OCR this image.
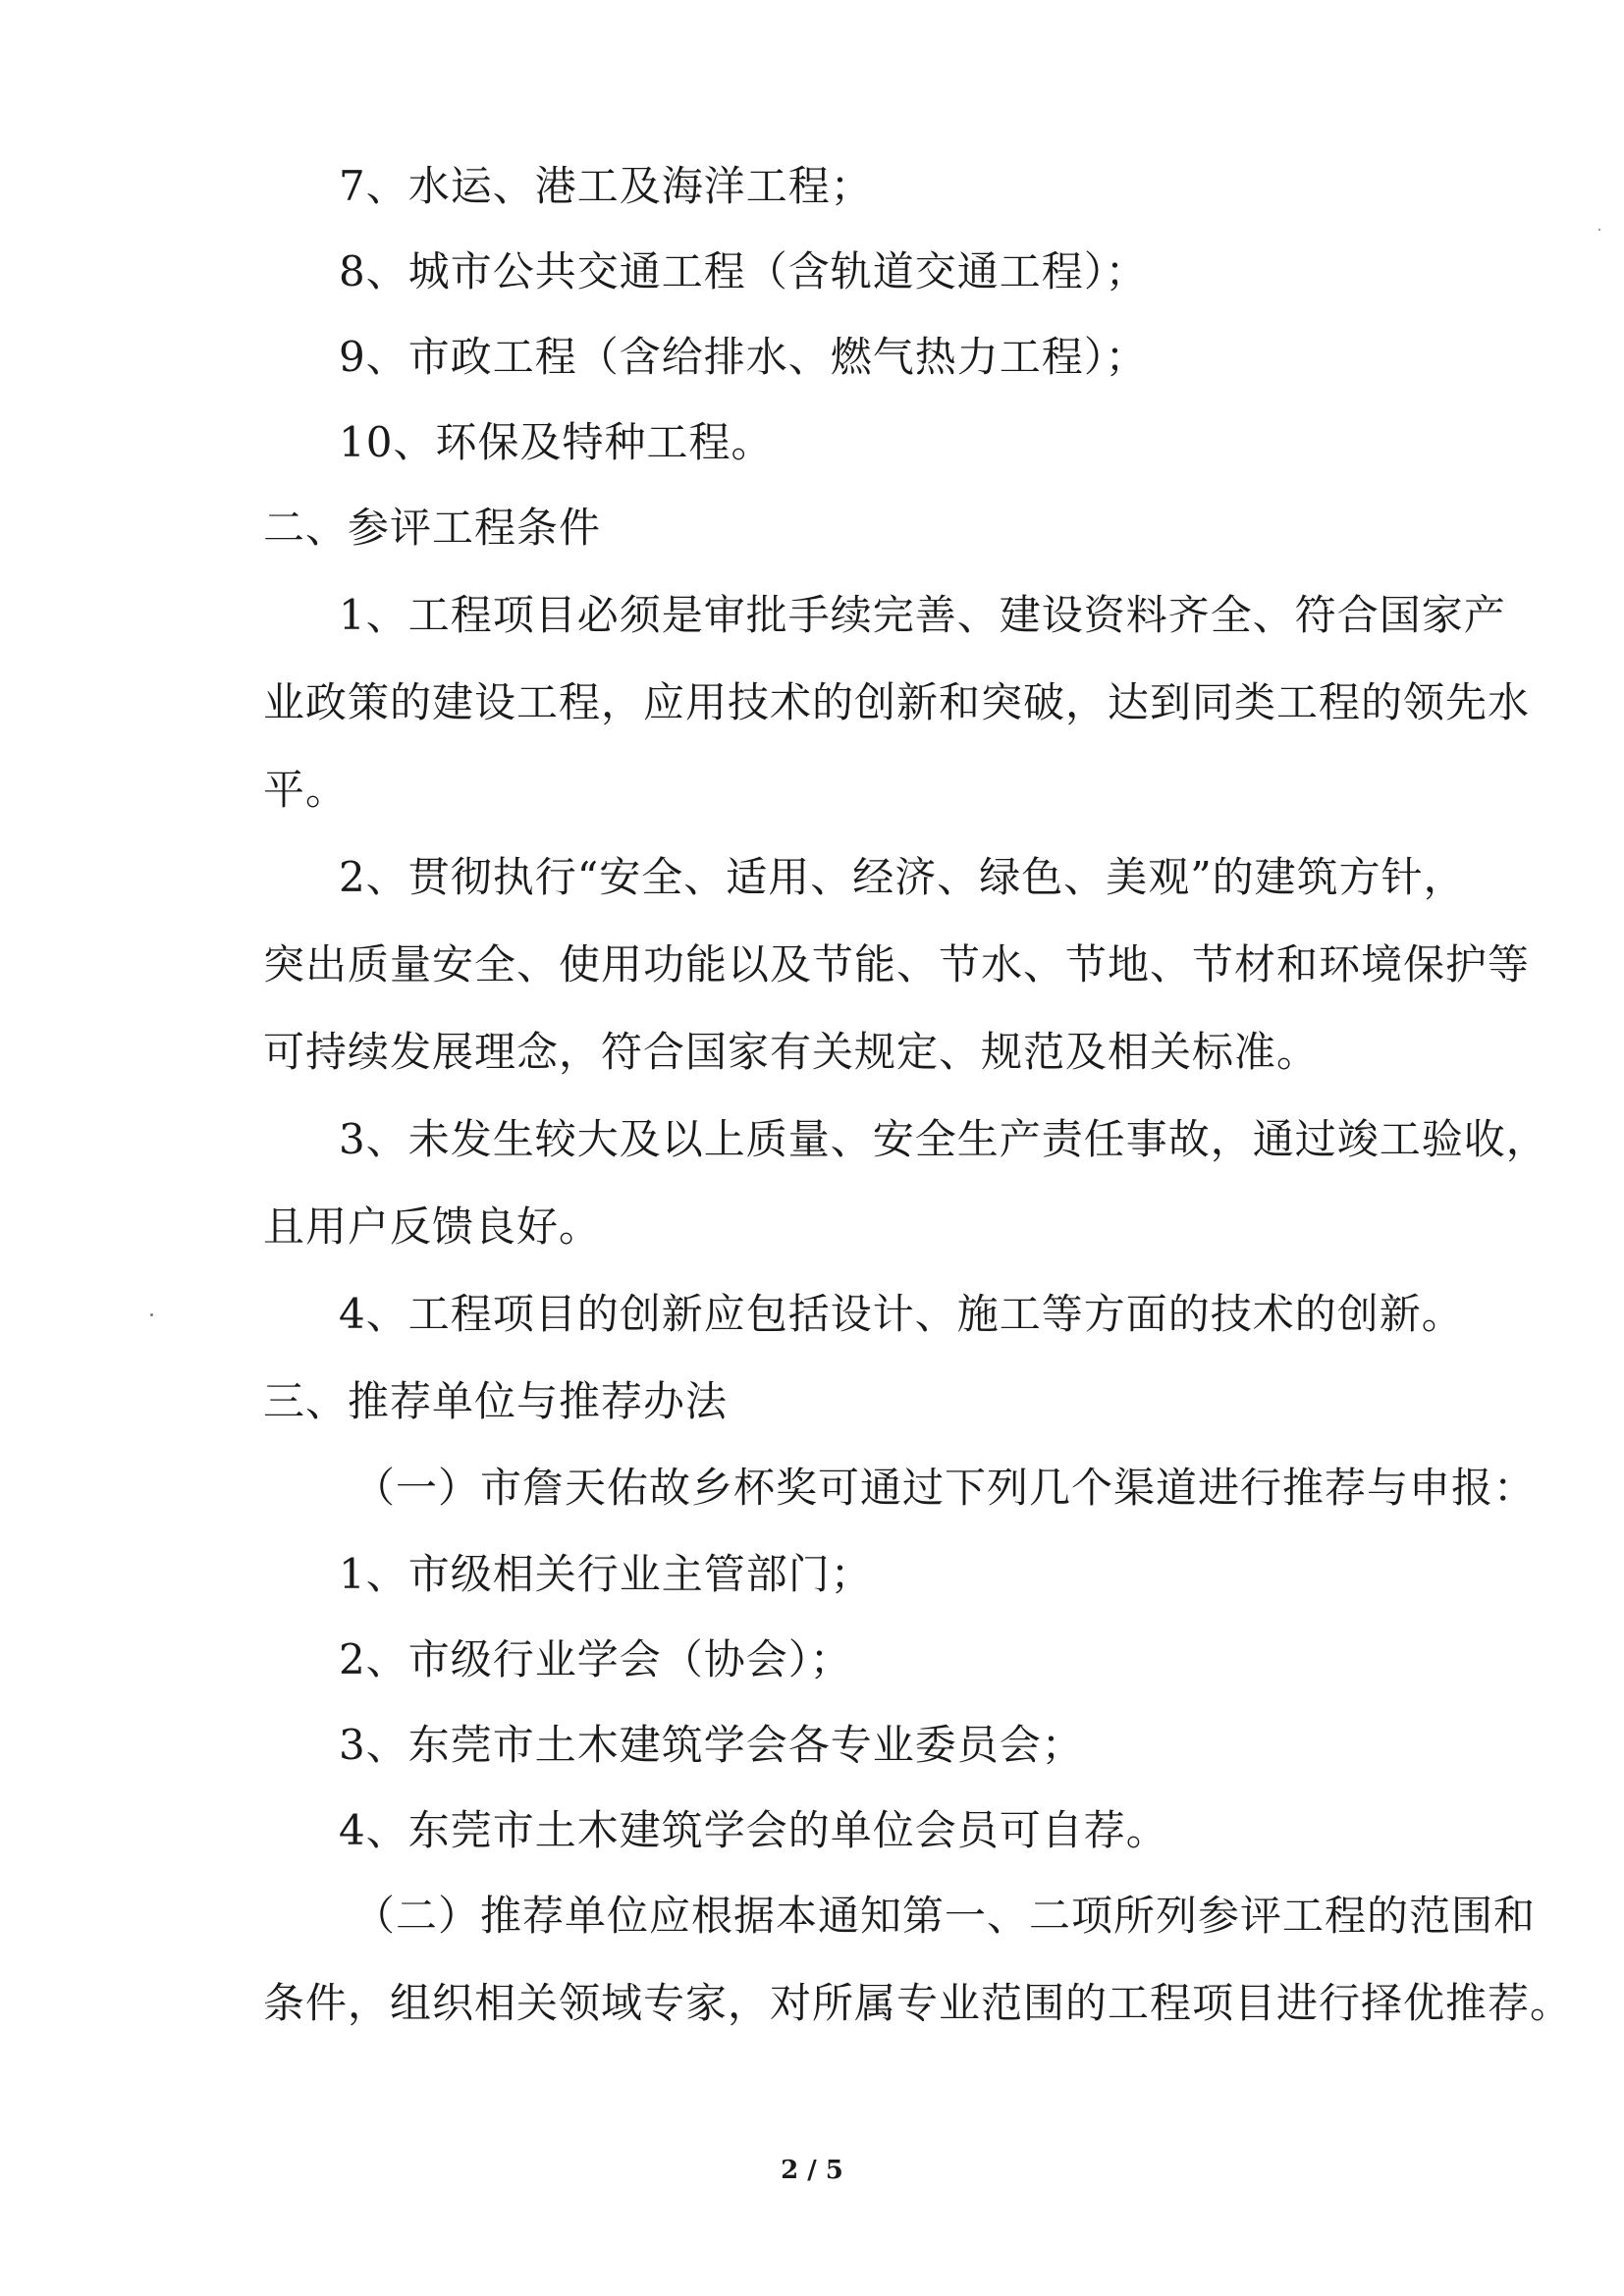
7、水运、港工及海洋工程；
8、城市公共交通工程（含轨道交通工程）；
9、市政工程（含给排水、燃气热力工程）；
10、环保及特种工程。
二、参评工程条件
1、工程项目必须是审批手续完善、建设资料齐全、符合国家产
业政策的建设工程，应用技术的创新和突破，达到同类工程的领先水
平。
2、贯彻执行“安全、适用、经济、绿色、美观”的建筑方针，
突出质量安全、使用功能以及节能、节水、节地、节材和环境保护等
可持续发展理念，符合国家有关规定、规范及相关标准。
3、未发生较大及以上质量、安全生产责任事故，通过竣工验收，
且用户反馈良好。
4、工程项目的创新应包括设计、施工等方面的技术的创新。
三、推荐单位与推荐办法
（一）市詹天佑故乡杯奖可通过下列几个渠道进行推荐与申报：
1、市级相关行业主管部门；
2、市级行业学会（协会）；
3、东莞市土木建筑学会各专业委员会；
4、东莞市土木建筑学会的单位会员可自荐。
（二）推荐单位应根据本通知第一、二项所列参评工程的范围和
条件，组织相关领域专家，对所属专业范围的工程项目进行择优推荐。
2 / 5
